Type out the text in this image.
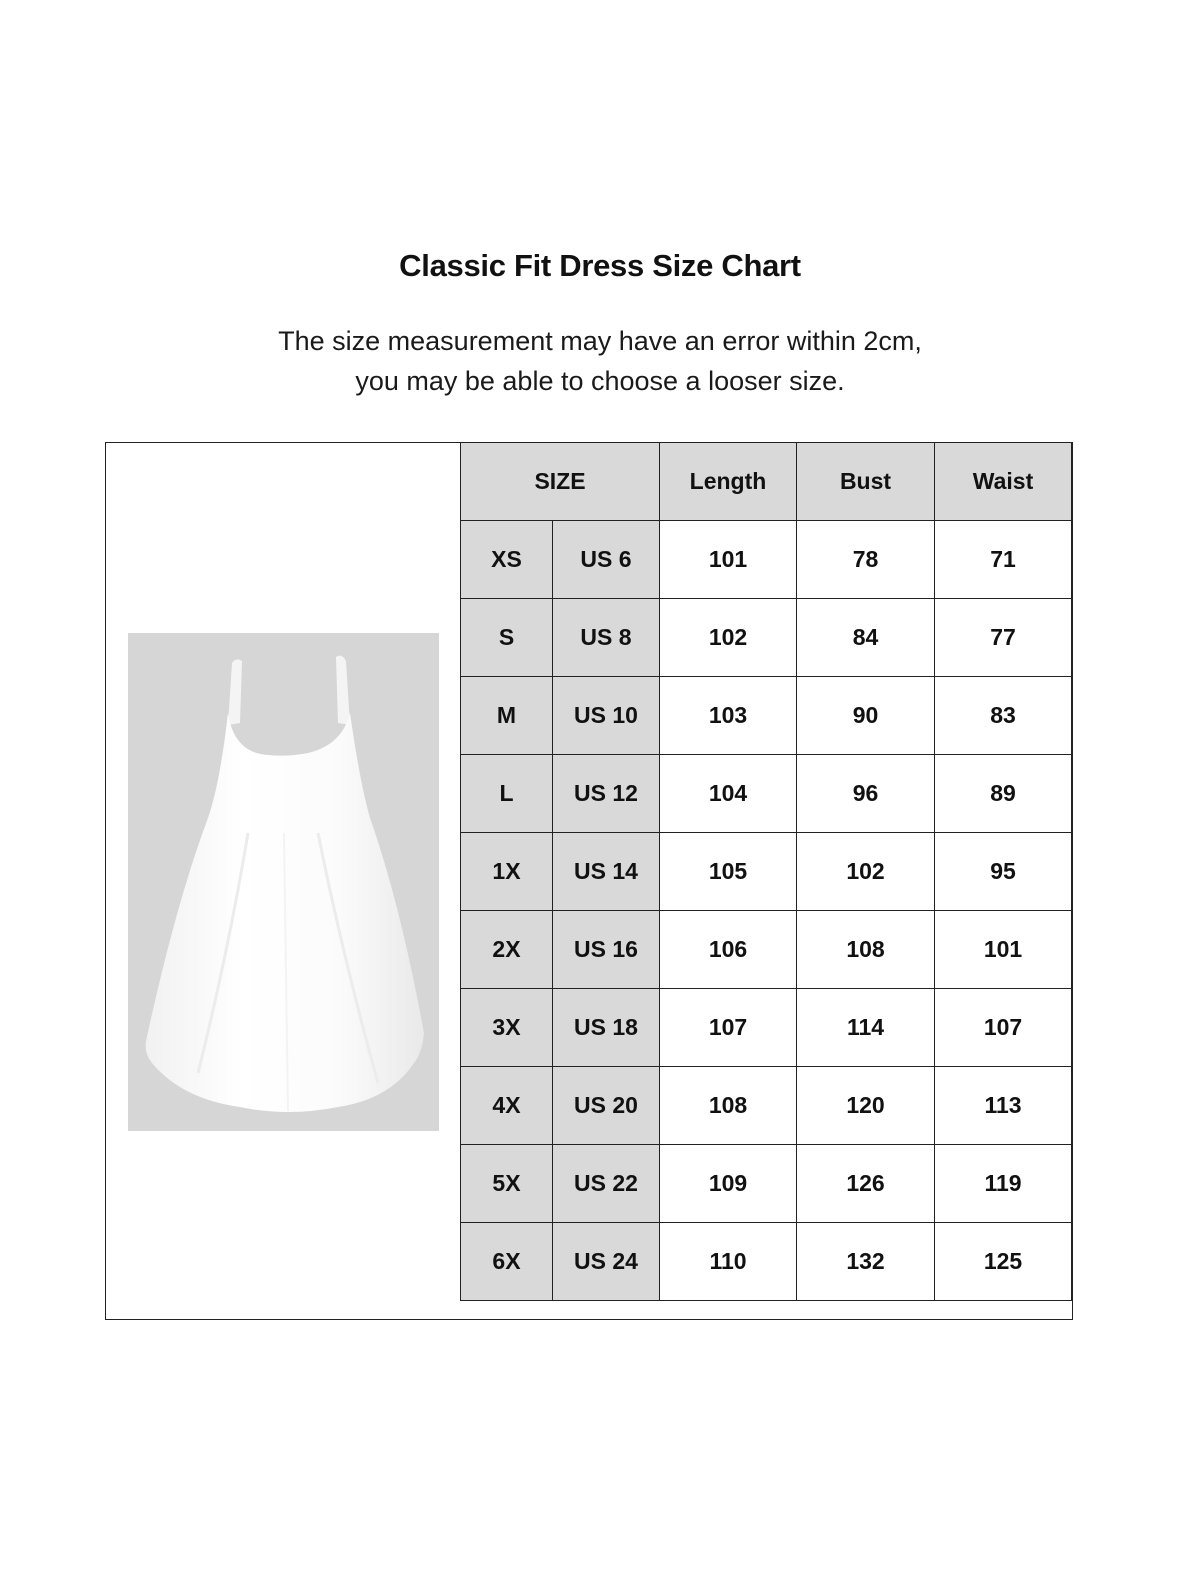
Classic Fit Dress Size Chart
The size measurement may have an error within 2cm,
you may be able to choose a looser size.
SIZE		Length	Bust	Waist
XS	US 6	101	78	71
S	US 8	102	84	77
M	US 10	103	90	83
L	US 12	104	96	89
1X	US 14	105	102	95
2X	US 16	106	108	101
3X	US 18	107	114	107
4X	US 20	108	120	113
5X	US 22	109	126	119
6X	US 24	110	132	125
